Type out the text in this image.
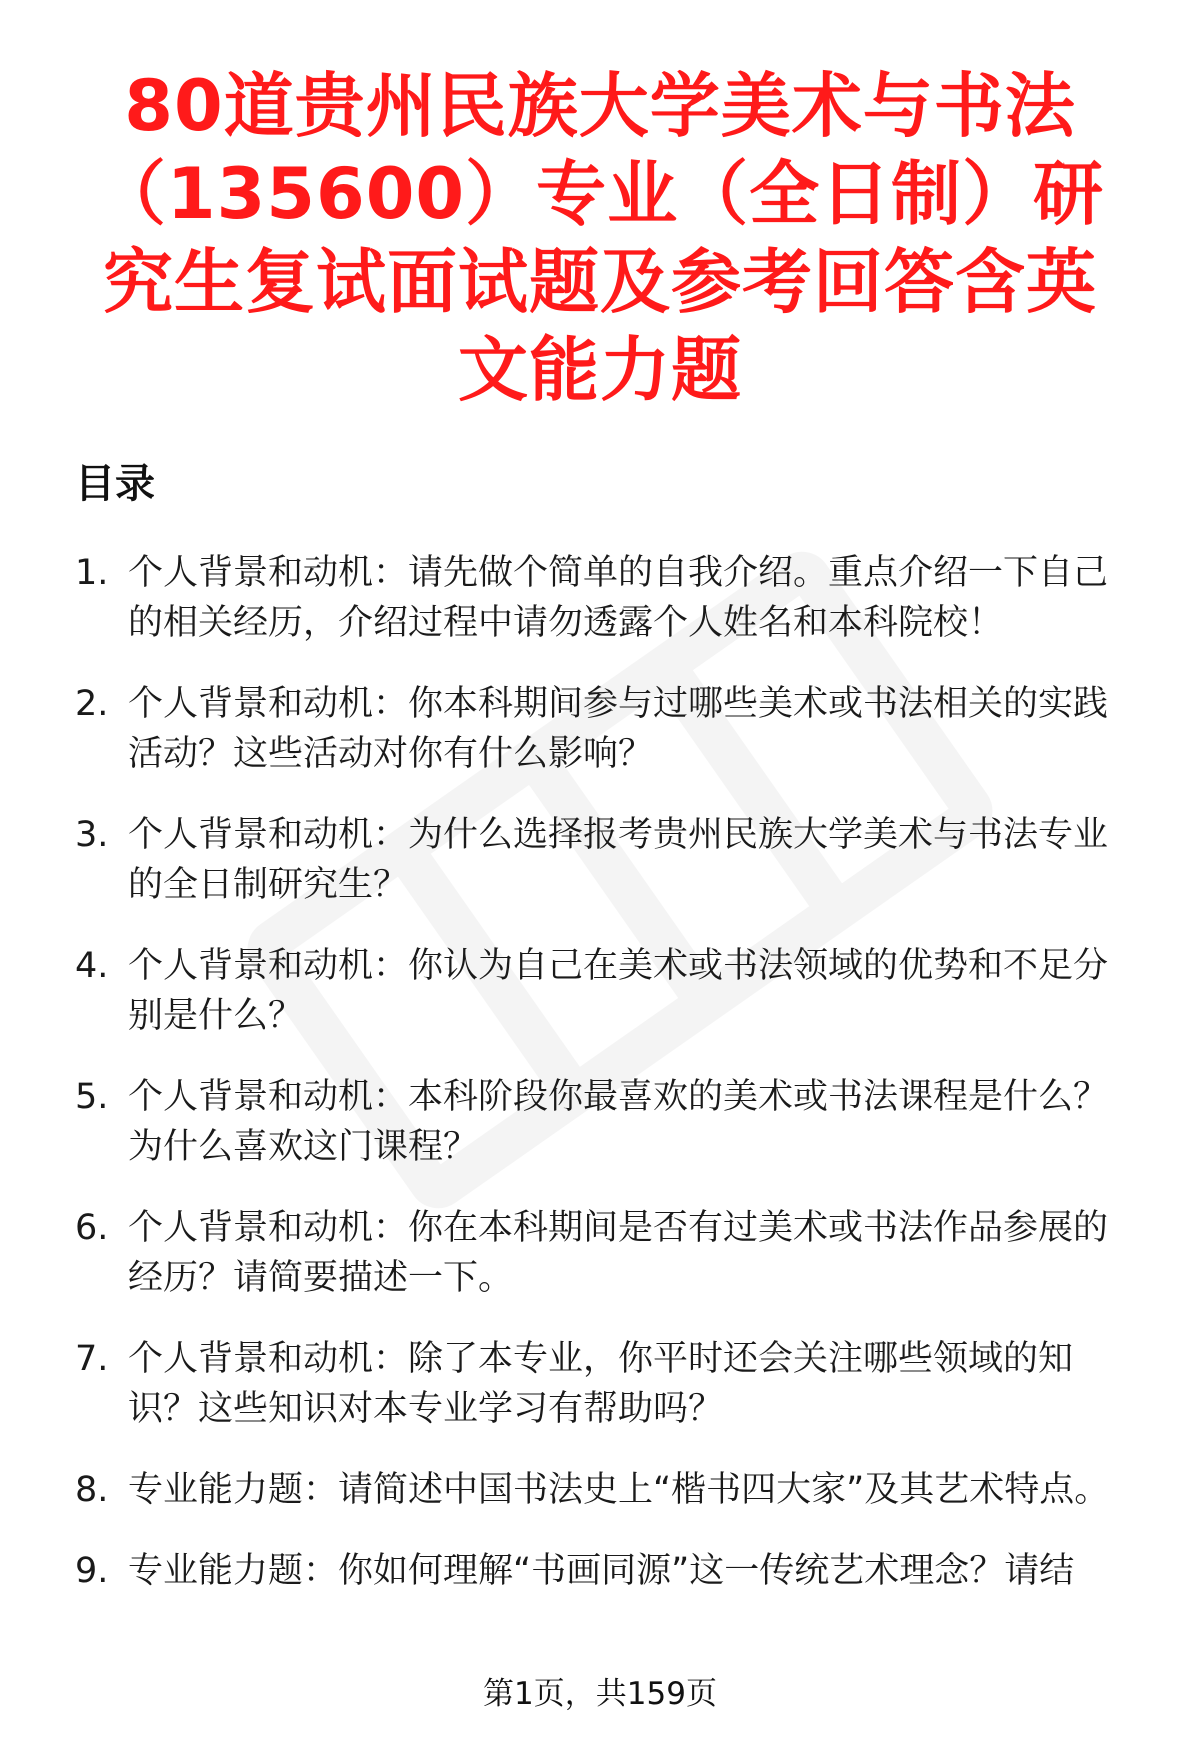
80道贵州民族大学美术与书法（135600）专业（全日制）研究生复试面试题及参考回答含英文能力题
目录
1. 个人背景和动机：请先做个简单的自我介绍。重点介绍一下自己的相关经历，介绍过程中请勿透露个人姓名和本科院校！
2. 个人背景和动机：你本科期间参与过哪些美术或书法相关的实践活动？这些活动对你有什么影响？
3. 个人背景和动机：为什么选择报考贵州民族大学美术与书法专业的全日制研究生？
4. 个人背景和动机：你认为自己在美术或书法领域的优势和不足分别是什么？
5. 个人背景和动机：本科阶段你最喜欢的美术或书法课程是什么？为什么喜欢这门课程？
6. 个人背景和动机：你在本科期间是否有过美术或书法作品参展的经历？请简要描述一下。
7. 个人背景和动机：除了本专业，你平时还会关注哪些领域的知识？这些知识对本专业学习有帮助吗？
8. 专业能力题：请简述中国书法史上“楷书四大家”及其艺术特点。
9. 专业能力题：你如何理解“书画同源”这一传统艺术理念？请结
第1页，共159页
